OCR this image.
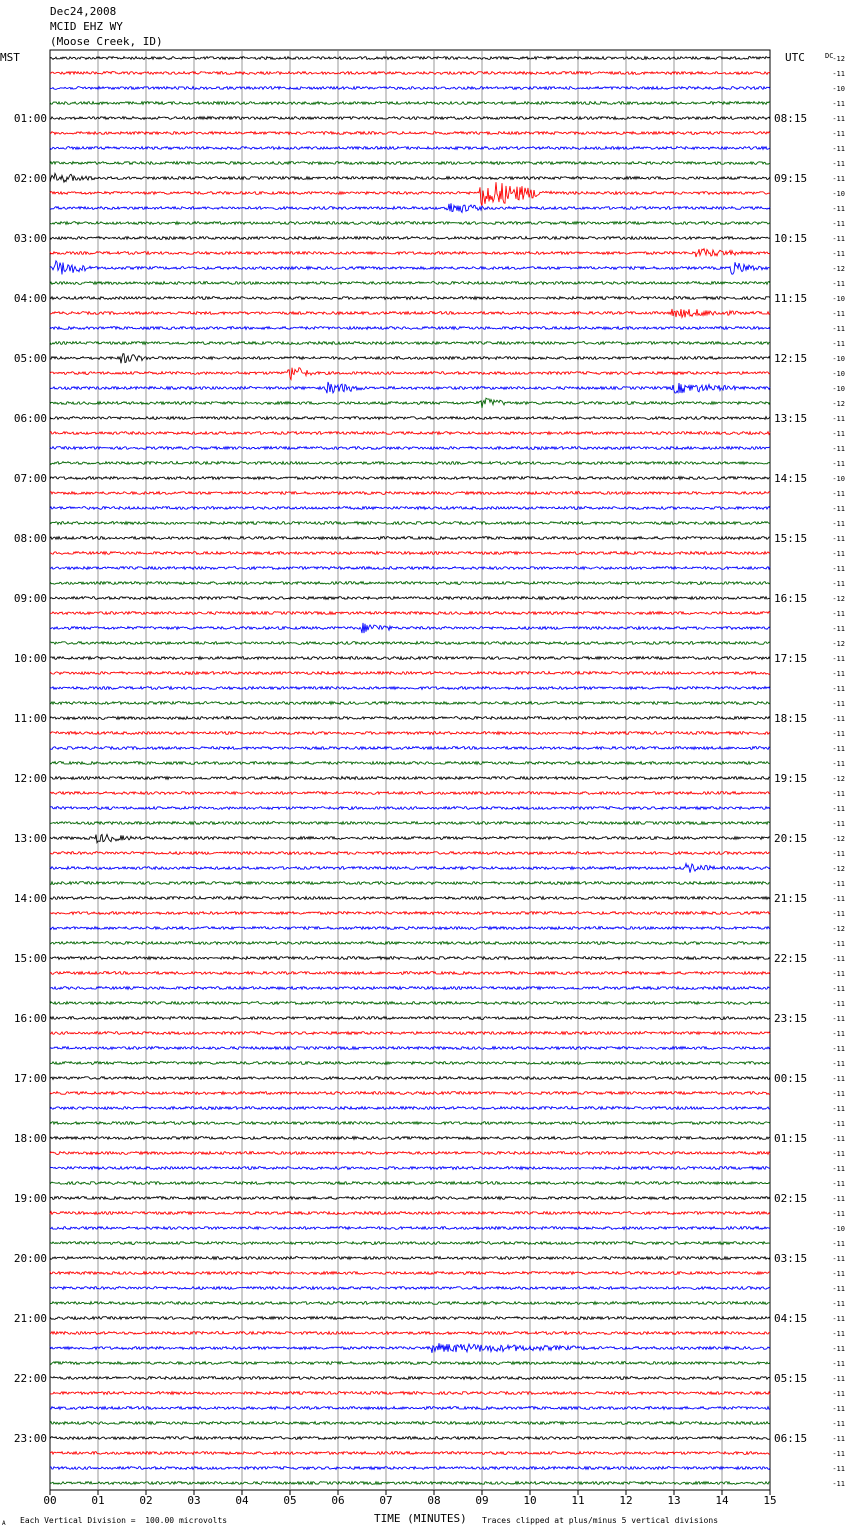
01:00
02:00
03:00
04:00
05:00
06:00
07:00
08:00
09:00
10:00
11:00
12:00
13:00
14:00
15:00
16:00
17:00
18:00
19:00
20:00
21:00
22:00
23:00
08:15
09:15
10:15
11:15
12:15
13:15
14:15
15:15
16:15
17:15
18:15
19:15
20:15
21:15
22:15
23:15
00:15
01:15
02:15
03:15
04:15
05:15
06:15
-12
-11
-10
-11
-11
-11
-11
-11
-11
-10
-11
-11
-11
-11
-12
-11
-10
-11
-11
-11
-10
-10
-10
-12
-11
-11
-11
-11
-10
-11
-11
-11
-11
-11
-11
-11
-12
-11
-11
-12
-11
-11
-11
-11
-11
-11
-11
-11
-12
-11
-11
-11
-12
-11
-12
-11
-11
-11
-12
-11
-11
-11
-11
-11
-11
-11
-11
-11
-11
-11
-11
-11
-11
-11
-11
-11
-11
-11
-10
-11
-11
-11
-11
-11
-11
-11
-11
-11
-11
-11
-11
-11
-11
-11
-11
-11
00	01	02	03	04	05	06	07	08	09	10	11	12	13	14	15
Dec24,2008
MCID EHZ WY
(Moose Creek, ID)
MST	UTC	DC
A Each Vertical Division =  100.00 microvolts	TIME (MINUTES) Traces clipped at plus/minus 5 vertical divisions
